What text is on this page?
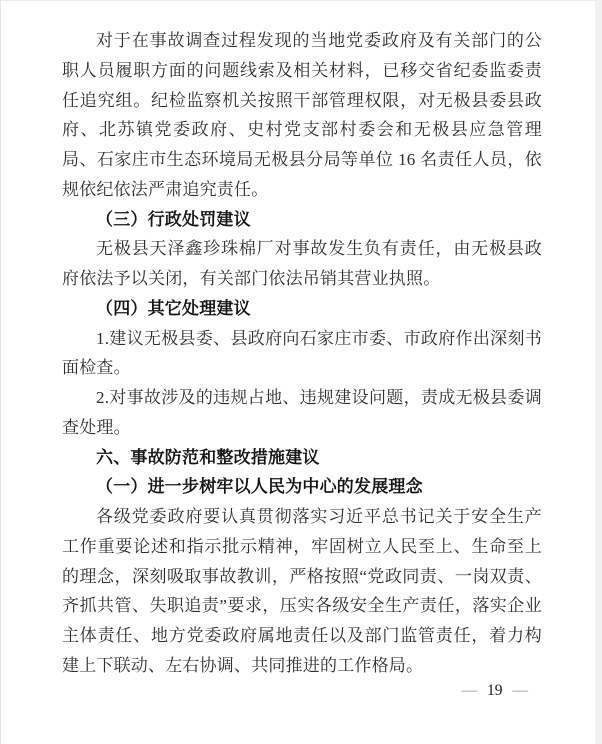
对于在事故调查过程发现的当地党委政府及有关部门的公职人员履职方面的问题线索及相关材料，已移交省纪委监委责任追究组。纪检监察机关按照干部管理权限，对无极县委县政府、北苏镇党委政府、史村党支部村委会和无极县应急管理局、石家庄市生态环境局无极县分局等单位 16 名责任人员，依规依纪依法严肃追究责任。

（三）行政处罚建议

无极县天泽鑫珍珠棉厂对事故发生负有责任，由无极县政府依法予以关闭，有关部门依法吊销其营业执照。

（四）其它处理建议

1.建议无极县委、县政府向石家庄市委、市政府作出深刻书面检查。

2.对事故涉及的违规占地、违规建设问题，责成无极县委调查处理。

六、事故防范和整改措施建议

（一）进一步树牢以人民为中心的发展理念

各级党委政府要认真贯彻落实习近平总书记关于安全生产工作重要论述和指示批示精神，牢固树立人民至上、生命至上的理念，深刻吸取事故教训，严格按照“党政同责、一岗双责、齐抓共管、失职追责”要求，压实各级安全生产责任，落实企业主体责任、地方党委政府属地责任以及部门监管责任，着力构建上下联动、左右协调、共同推进的工作格局。

— 19 —
